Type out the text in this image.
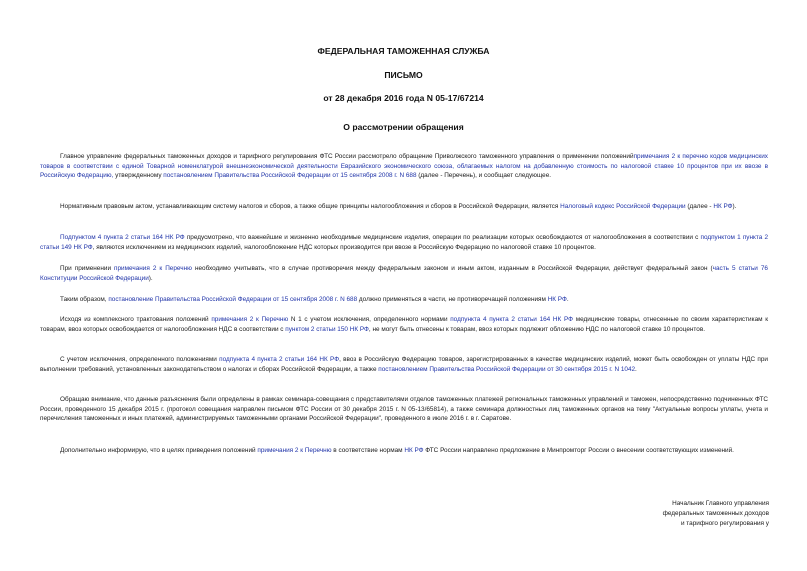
ФЕДЕРАЛЬНАЯ ТАМОЖЕННАЯ СЛУЖБА
ПИСЬМО
от 28 декабря 2016 года N 05-17/67214
О рассмотрении обращения

Главное управление федеральных таможенных доходов и тарифного регулирования ФТС России рассмотрело обращение Приволжского таможенного управления о применении положенийпримечания 2 к перечню кодов медицинских товаров в соответствии с единой Товарной номенклатурой внешнеэкономической деятельности Евразийского экономического союза, облагаемых налогом на добавленную стоимость по налоговой ставке 10 процентов при их ввозе в Российскую Федерацию, утвержденному постановлением Правительства Российской Федерации от 15 сентября 2008 г. N 688 (далее - Перечень), и сообщает следующее.

Нормативным правовым актом, устанавливающим систему налогов и сборов, а также общие принципы налогообложения и сборов в Российской Федерации, является Налоговый кодекс Российской Федерации (далее - НК РФ).

Подпунктом 4 пункта 2 статьи 164 НК РФ предусмотрено, что важнейшие и жизненно необходимые медицинские изделия, операции по реализации которых освобождаются от налогообложения в соответствии с подпунктом 1 пункта 2 статьи 149 НК РФ, являются исключением из медицинских изделий, налогообложение НДС которых производится при ввозе в Российскую Федерацию по налоговой ставке 10 процентов.

При применении примечания 2 к Перечню необходимо учитывать, что в случае противоречия между федеральным законом и иным актом, изданным в Российской Федерации, действует федеральный закон (часть 5 статьи 76 Конституции Российской Федерации).

Таким образом, постановление Правительства Российской Федерации от 15 сентября 2008 г. N 688 должно применяться в части, не противоречащей положениям НК РФ.

Исходя из комплексного трактования положений примечания 2 к Перечню N 1 с учетом исключения, определенного нормами подпункта 4 пункта 2 статьи 164 НК РФ медицинские товары, отнесенные по своим характеристикам к товарам, ввоз которых освобождается от налогообложения НДС в соответствии с пунктом 2 статьи 150 НК РФ, не могут быть отнесены к товарам, ввоз которых подлежит обложению НДС по налоговой ставке 10 процентов.

С учетом исключения, определенного положениями подпункта 4 пункта 2 статьи 164 НК РФ, ввоз в Российскую Федерацию товаров, зарегистрированных в качестве медицинских изделий, может быть освобожден от уплаты НДС при выполнении требований, установленных законодательством о налогах и сборах Российской Федерации, а также постановлением Правительства Российской Федерации от 30 сентября 2015 г. N 1042.

Обращаю внимание, что данные разъяснения были определены в рамках семинара-совещания с представителями отделов таможенных платежей региональных таможенных управлений и таможен, непосредственно подчиненных ФТС России, проведенного 15 декабря 2015 г. (протокол совещания направлен письмом ФТС России от 30 декабря 2015 г. N 05-13/65814), а также семинара должностных лиц таможенных органов на тему "Актуальные вопросы уплаты, учета и перечисления таможенных и иных платежей, администрируемых таможенными органами Российской Федерации", проведенного в июле 2016 г. в г. Саратове.

Дополнительно информирую, что в целях приведения положений примечания 2 к Перечню в соответствие нормам НК РФ ФТС России направлено предложение в Минпромторг России о внесении соответствующих изменений.

Начальник Главного управления
федеральных таможенных доходов
и тарифного регулирования у
